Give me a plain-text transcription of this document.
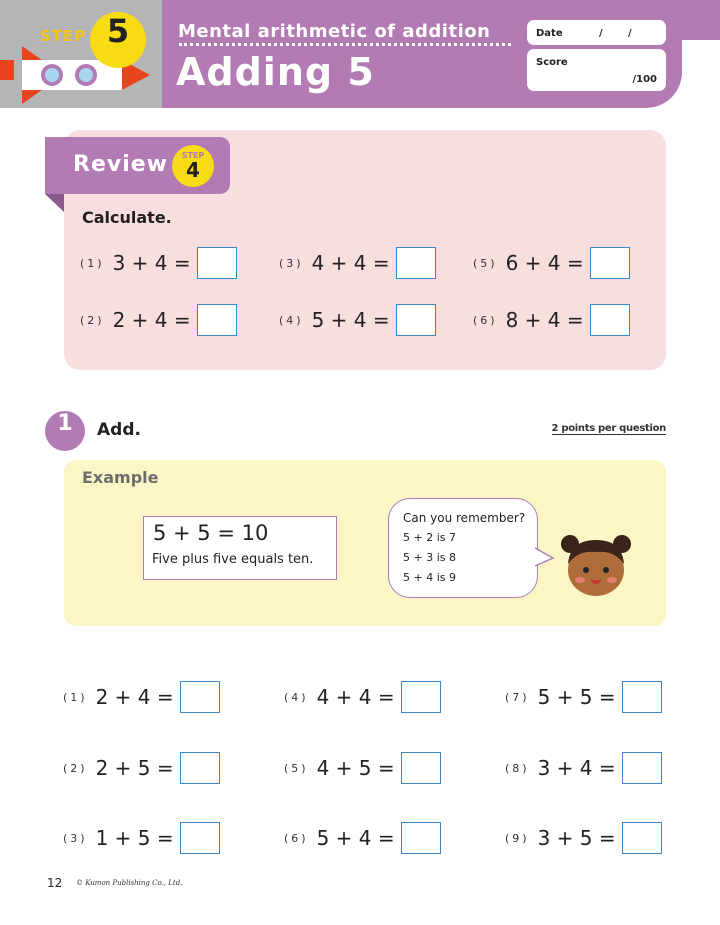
STEP 5	Mental arithmetic of addition
Adding 5
Date	/	/
Score
/100
Review	STEP
4
Calculate.
(1) 3 + 4 =
(2) 2 + 4 =
(3) 4 + 4 =
(4) 5 + 4 =
(5) 6 + 4 =
(6) 8 + 4 =
1	Add.	2 points per question
Example
5 + 5 = 10
Five plus five equals ten.
Can you remember?
5 + 2 is 7
5 + 3 is 8
5 + 4 is 9
(1) 2 + 4 =
(2) 2 + 5 =
(3) 1 + 5 =
(4) 4 + 4 =
(5) 4 + 5 =
(6) 5 + 4 =
(7) 5 + 5 =
(8) 3 + 4 =
(9) 3 + 5 =
12 © Kumon Publishing Co., Ltd.
